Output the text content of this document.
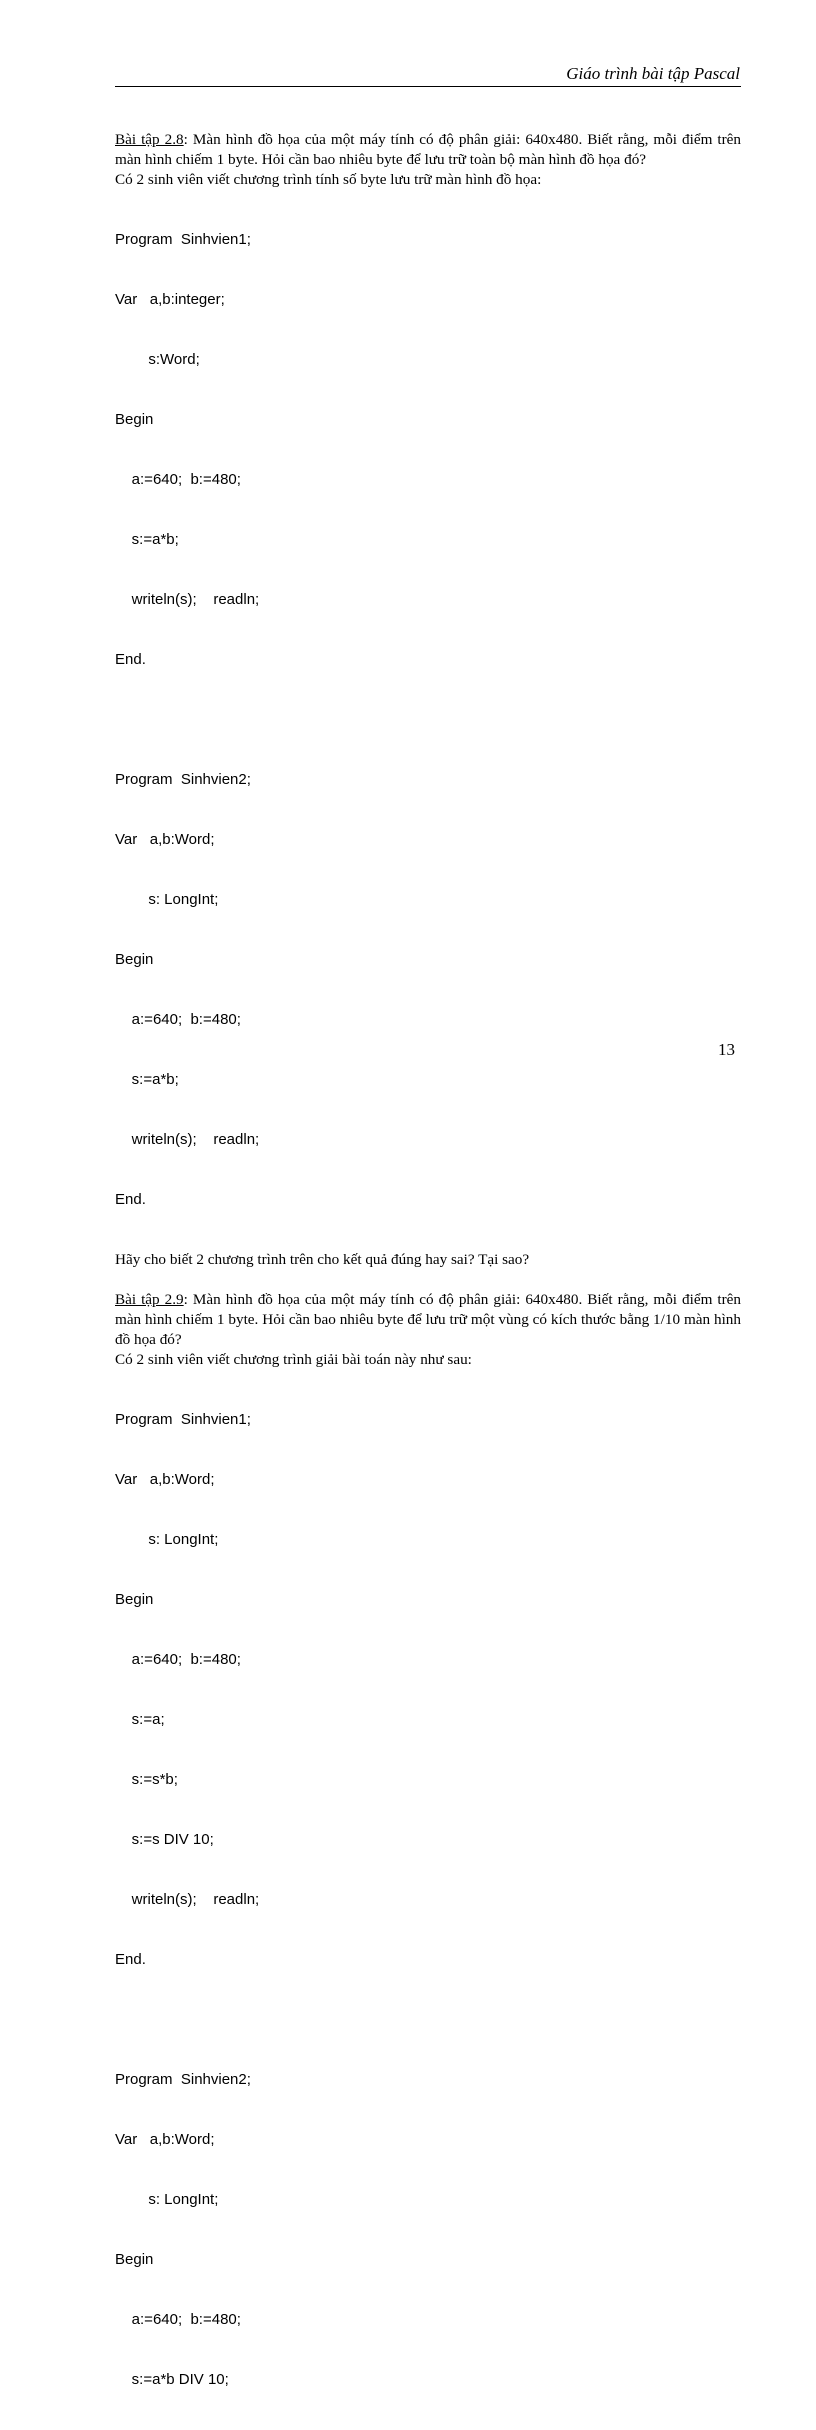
Giáo trình bài tập Pascal

Bài tập 2.8: Màn hình đồ họa của một máy tính có độ phân giải: 640x480. Biết rằng, mỗi điểm trên màn hình chiếm 1 byte. Hỏi cần bao nhiêu byte để lưu trữ toàn bộ màn hình đồ họa đó?

Có 2 sinh viên viết chương trình tính số byte lưu trữ màn hình đồ họa:

Program  Sinhvien1;

Var   a,b:integer;

s:Word;

Begin

a:=640;  b:=480;

s:=a*b;

writeln(s);    readln;

End.

Program  Sinhvien2;

Var   a,b:Word;

s: LongInt;

Begin

a:=640;  b:=480;

s:=a*b;

writeln(s);    readln;

End.

Hãy cho biết 2 chương trình trên cho kết quả đúng hay sai? Tại sao?

Bài tập 2.9: Màn hình đồ họa của một máy tính có độ phân giải: 640x480. Biết rằng, mỗi điểm trên màn hình chiếm 1 byte. Hỏi cần bao nhiêu byte để lưu trữ một vùng có kích thước bằng 1/10 màn hình đồ họa đó?

Có 2 sinh viên viết chương trình giải bài toán này như sau:

Program  Sinhvien1;

Var   a,b:Word;

s: LongInt;

Begin

a:=640;  b:=480;

s:=a;

s:=s*b;

s:=s DIV 10;

writeln(s);    readln;

End.

Program  Sinhvien2;

Var   a,b:Word;

s: LongInt;

Begin

a:=640;  b:=480;

s:=a*b DIV 10;

13
